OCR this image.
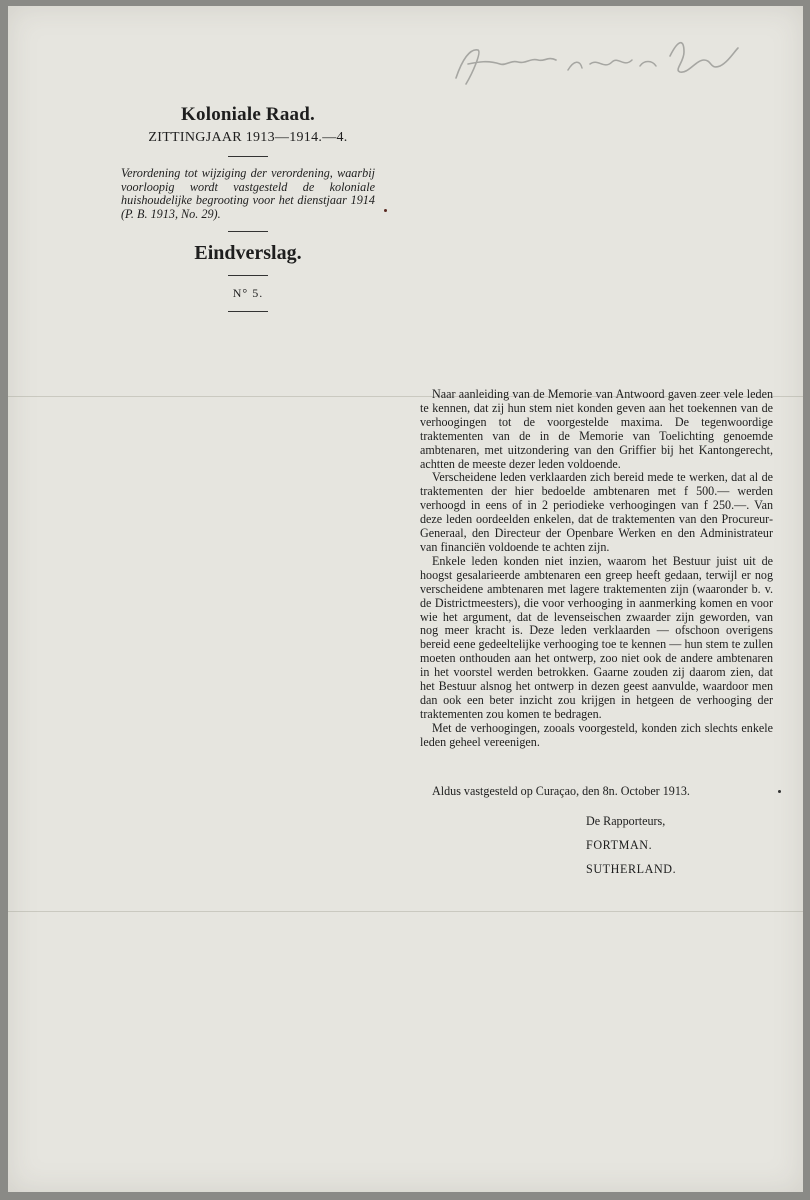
Koloniale Raad.

ZITTINGJAAR 1913—1914.—4.

Verordening tot wijziging der verordening, waarbij voorloopig wordt vastgesteld de koloniale huishoudelijke begrooting voor het dienstjaar 1914 (P. B. 1913, No. 29).

Eindverslag.

N° 5.

Naar aanleiding van de Memorie van Antwoord gaven zeer vele leden te kennen, dat zij hun stem niet konden geven aan het toekennen van de verhoogingen tot de voorgestelde maxima. De tegenwoordige traktementen van de in de Memorie van Toelichting genoemde ambtenaren, met uitzondering van den Griffier bij het Kantongerecht, achtten de meeste dezer leden voldoende.

Verscheidene leden verklaarden zich bereid mede te werken, dat al de traktementen der hier bedoelde ambtenaren met f 500.— werden verhoogd in eens of in 2 periodieke verhoogingen van f 250.—. Van deze leden oordeelden enkelen, dat de traktementen van den Procureur-Generaal, den Directeur der Openbare Werken en den Administrateur van financiën voldoende te achten zijn.

Enkele leden konden niet inzien, waarom het Bestuur juist uit de hoogst gesalarieerde ambtenaren een greep heeft gedaan, terwijl er nog verscheidene ambtenaren met lagere traktementen zijn (waaronder b. v. de Districtmeesters), die voor verhooging in aanmerking komen en voor wie het argument, dat de levenseischen zwaarder zijn geworden, van nog meer kracht is. Deze leden verklaarden — ofschoon overigens bereid eene gedeeltelijke verhooging toe te kennen — hun stem te zullen moeten onthouden aan het ontwerp, zoo niet ook de andere ambtenaren in het voorstel werden betrokken. Gaarne zouden zij daarom zien, dat het Bestuur alsnog het ontwerp in dezen geest aanvulde, waardoor men dan ook een beter inzicht zou krijgen in hetgeen de verhooging der traktementen zou komen te bedragen.

Met de verhoogingen, zooals voorgesteld, konden zich slechts enkele leden geheel vereenigen.

Aldus vastgesteld op Curaçao, den 8n. October 1913.

De Rapporteurs,

FORTMAN.

SUTHERLAND.
